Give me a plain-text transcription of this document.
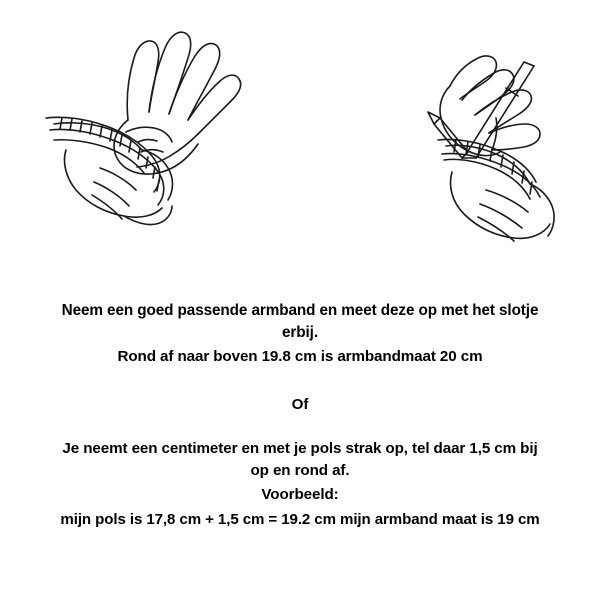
Neem een goed passende armband en meet deze op met het slotje
erbij.
Rond af naar boven 19.8 cm is armbandmaat 20 cm
Of
Je neemt een centimeter en met je pols strak op, tel daar 1,5 cm bij
op en rond af.
Voorbeeld:
mijn pols is 17,8 cm + 1,5 cm = 19.2 cm mijn armband maat is 19 cm
